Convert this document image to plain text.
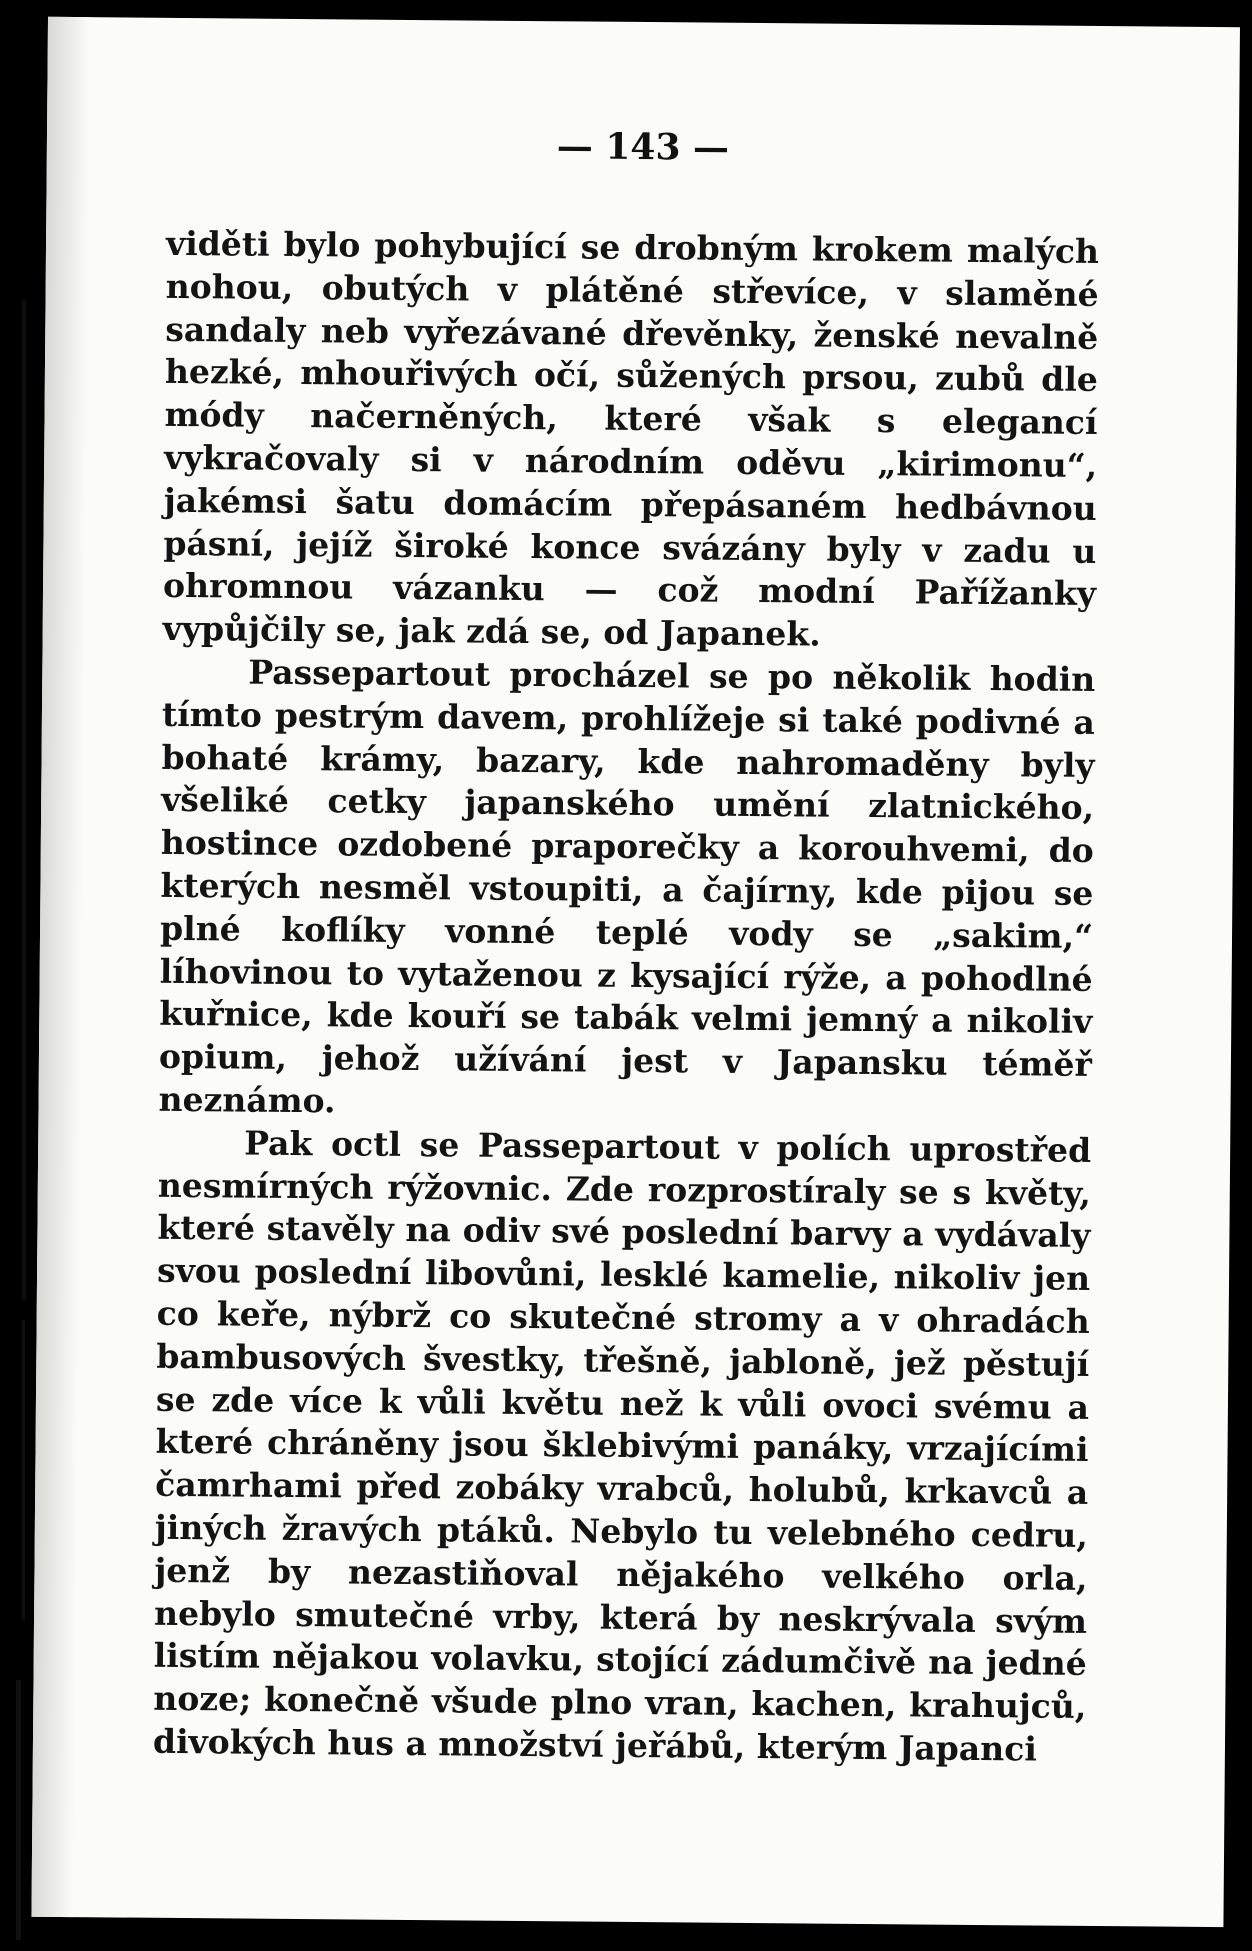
— 143 —

viděti bylo pohybující se drobným krokem malých nohou, obutých v plátěné střevíce, v slaměné sandaly neb vyřezávané dřevěnky, ženské nevalně hezké, mhouřivých očí, sůžených prsou, zubů dle módy načerněných, které však s elegancí vykračovaly si v národním oděvu „kirimonu“, jakémsi šatu domácím přepásaném hedbávnou pásní, jejíž široké konce svázány byly v zadu u ohromnou vázanku — což modní Pařížanky vypůjčily se, jak zdá se, od Japanek.

Passepartout procházel se po několik hodin tímto pestrým davem, prohlížeje si také podivné a bohaté krámy, bazary, kde nahromaděny byly všeliké cetky japanského umění zlatnického, hostince ozdobené praporečky a korouhvemi, do kterých nesměl vstoupiti, a čajírny, kde pijou se plné koflíky vonné teplé vody se „sakim,“ líhovinou to vytaženou z kysající rýže, a pohodlné kuřnice, kde kouří se tabák velmi jemný a nikoliv opium, jehož užívání jest v Japansku téměř neznámo.

Pak octl se Passepartout v polích uprostřed nesmírných rýžovnic. Zde rozprostíraly se s květy, které stavěly na odiv své poslední barvy a vydávaly svou poslední libovůni, lesklé kamelie, nikoliv jen co keře, nýbrž co skutečné stromy a v ohradách bambusových švestky, třešně, jabloně, jež pěstují se zde více k vůli květu než k vůli ovoci svému a které chráněny jsou šklebivými panáky, vrzajícími čamrhami před zobáky vrabců, holubů, krkavců a jiných žravých ptáků. Nebylo tu velebného cedru, jenž by nezastiňoval nějakého velkého orla, nebylo smutečné vrby, která by neskrývala svým listím nějakou volavku, stojící zádumčivě na jedné noze; konečně všude plno vran, kachen, krahujců, divokých hus a množství jeřábů, kterým Japanci
